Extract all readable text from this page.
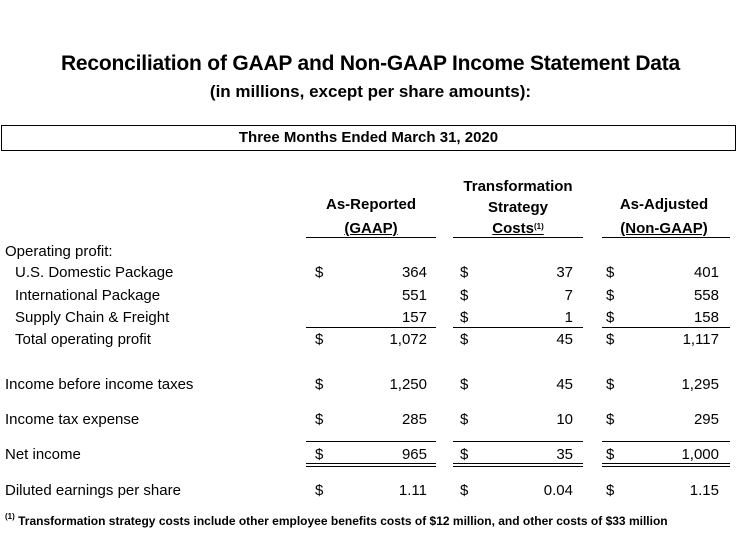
Reconciliation of GAAP and Non-GAAP Income Statement Data
(in millions, except per share amounts):
Three Months Ended March 31, 2020
As-Reported
(GAAP)
Transformation
Strategy
Costs$^{(1)}$
As-Adjusted
(Non-GAAP)
Operating profit:
U.S. Domestic Package	$	364 $	37 $	401
International Package	551 $	7 $	558
Supply Chain & Freight	157 $	1 $	158
Total operating profit	$	1,072 $	45 $	1,117
Income before income taxes	$	1,250 $	45 $	1,295
Income tax expense	$	285 $	10 $	295
Net income	$	965 $	35 $	1,000
Diluted earnings per share	$	1.11 $	0.04 $	1.15
$^{(1)}$ Transformation strategy costs include other employee benefits costs of $12 million, and other costs of $33 million
